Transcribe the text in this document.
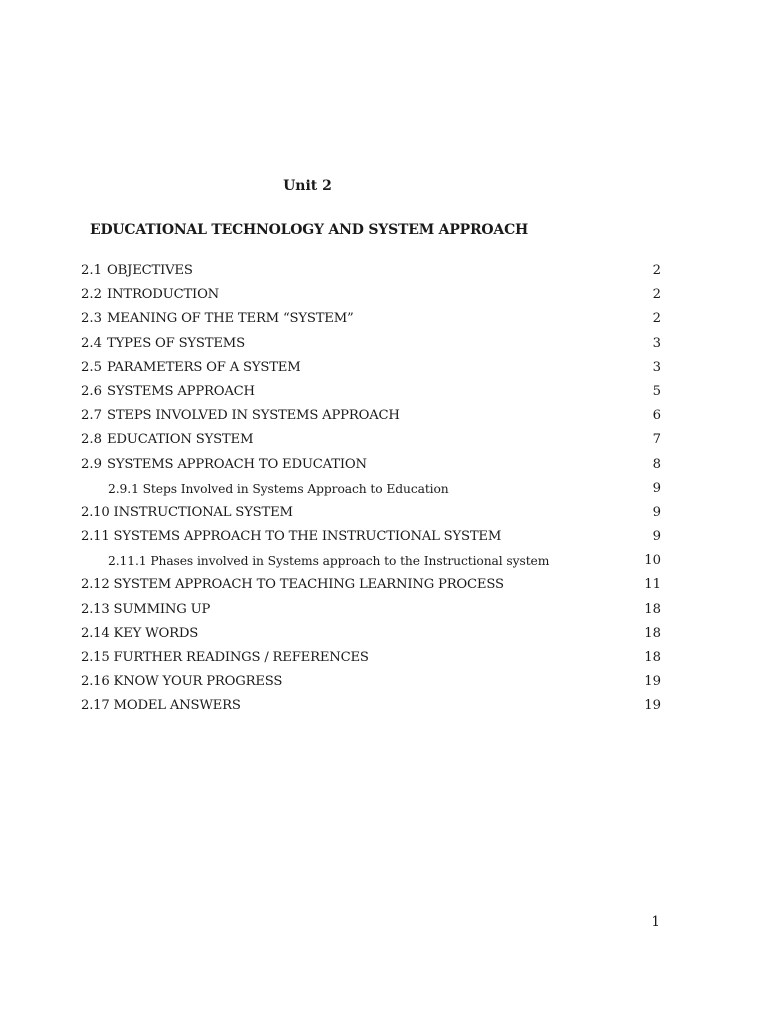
Unit 2
EDUCATIONAL TECHNOLOGY AND SYSTEM APPROACH
2.1 OBJECTIVES	2
2.2 INTRODUCTION	2
2.3 MEANING OF THE TERM “SYSTEM”	2
2.4 TYPES OF SYSTEMS	3
2.5 PARAMETERS OF A SYSTEM	3
2.6 SYSTEMS APPROACH	5
2.7 STEPS INVOLVED IN SYSTEMS APPROACH	6
2.8 EDUCATION SYSTEM	7
2.9 SYSTEMS APPROACH TO EDUCATION	8
2.9.1 Steps Involved in Systems Approach to Education	9
2.10 INSTRUCTIONAL SYSTEM	9
2.11 SYSTEMS APPROACH TO THE INSTRUCTIONAL SYSTEM	9
2.11.1 Phases involved in Systems approach to the Instructional system	10
2.12 SYSTEM APPROACH TO TEACHING LEARNING PROCESS	11
2.13 SUMMING UP	18
2.14 KEY WORDS	18
2.15 FURTHER READINGS / REFERENCES	18
2.16 KNOW YOUR PROGRESS	19
2.17 MODEL ANSWERS	19
1
